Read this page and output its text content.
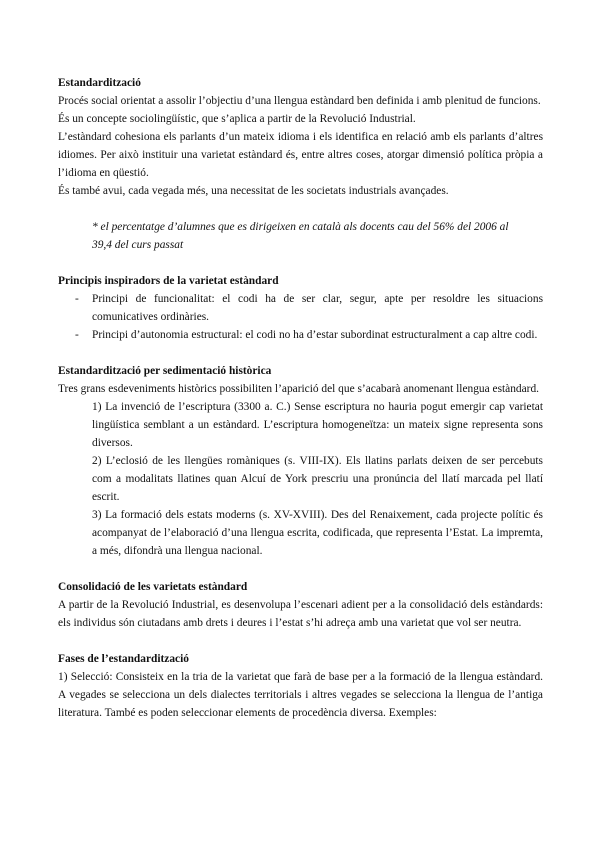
Estandardització

Procés social orientat a assolir l’objectiu d’una llengua estàndard ben definida i amb plenitud de funcions.

És un concepte sociolingüístic, que s’aplica a partir de la Revolució Industrial.

L’estàndard cohesiona els parlants d’un mateix idioma i els identifica en relació amb els parlants d’altres idiomes. Per això instituir una varietat estàndard és, entre altres coses, atorgar dimensió política pròpia a l’idioma en qüestió.

És també avui, cada vegada més, una necessitat de les societats industrials avançades.

* el percentatge d’alumnes que es dirigeixen en català als docents cau del 56% del 2006 al 39,4 del curs passat

Principis inspiradors de la varietat estàndard

- Principi de funcionalitat: el codi ha de ser clar, segur, apte per resoldre les situacions comunicatives ordinàries.
- Principi d’autonomia estructural: el codi no ha d’estar subordinat estructuralment a cap altre codi.

Estandardització per sedimentació històrica

Tres grans esdeveniments històrics possibiliten l’aparició del que s’acabarà anomenant llengua estàndard.

1) La invenció de l’escriptura (3300 a. C.) Sense escriptura no hauria pogut emergir cap varietat lingüística semblant a un estàndard. L’escriptura homogeneïtza: un mateix signe representa sons diversos.

2) L’eclosió de les llengües romàniques (s. VIII-IX). Els llatins parlats deixen de ser percebuts com a modalitats llatines quan Alcuí de York prescriu una pronúncia del llatí marcada pel llatí escrit.

3) La formació dels estats moderns (s. XV-XVIII). Des del Renaixement, cada projecte polític és acompanyat de l’elaboració d’una llengua escrita, codificada, que representa l’Estat. La impremta, a més, difondrà una llengua nacional.

Consolidació de les varietats estàndard

A partir de la Revolució Industrial, es desenvolupa l’escenari adient per a la consolidació dels estàndards: els individus són ciutadans amb drets i deures i l’estat s’hi adreça amb una varietat que vol ser neutra.

Fases de l’estandardització

1) Selecció: Consisteix en la tria de la varietat que farà de base per a la formació de la llengua estàndard. A vegades se selecciona un dels dialectes territorials i altres vegades se selecciona la llengua de l’antiga literatura. També es poden seleccionar elements de procedència diversa. Exemples:
